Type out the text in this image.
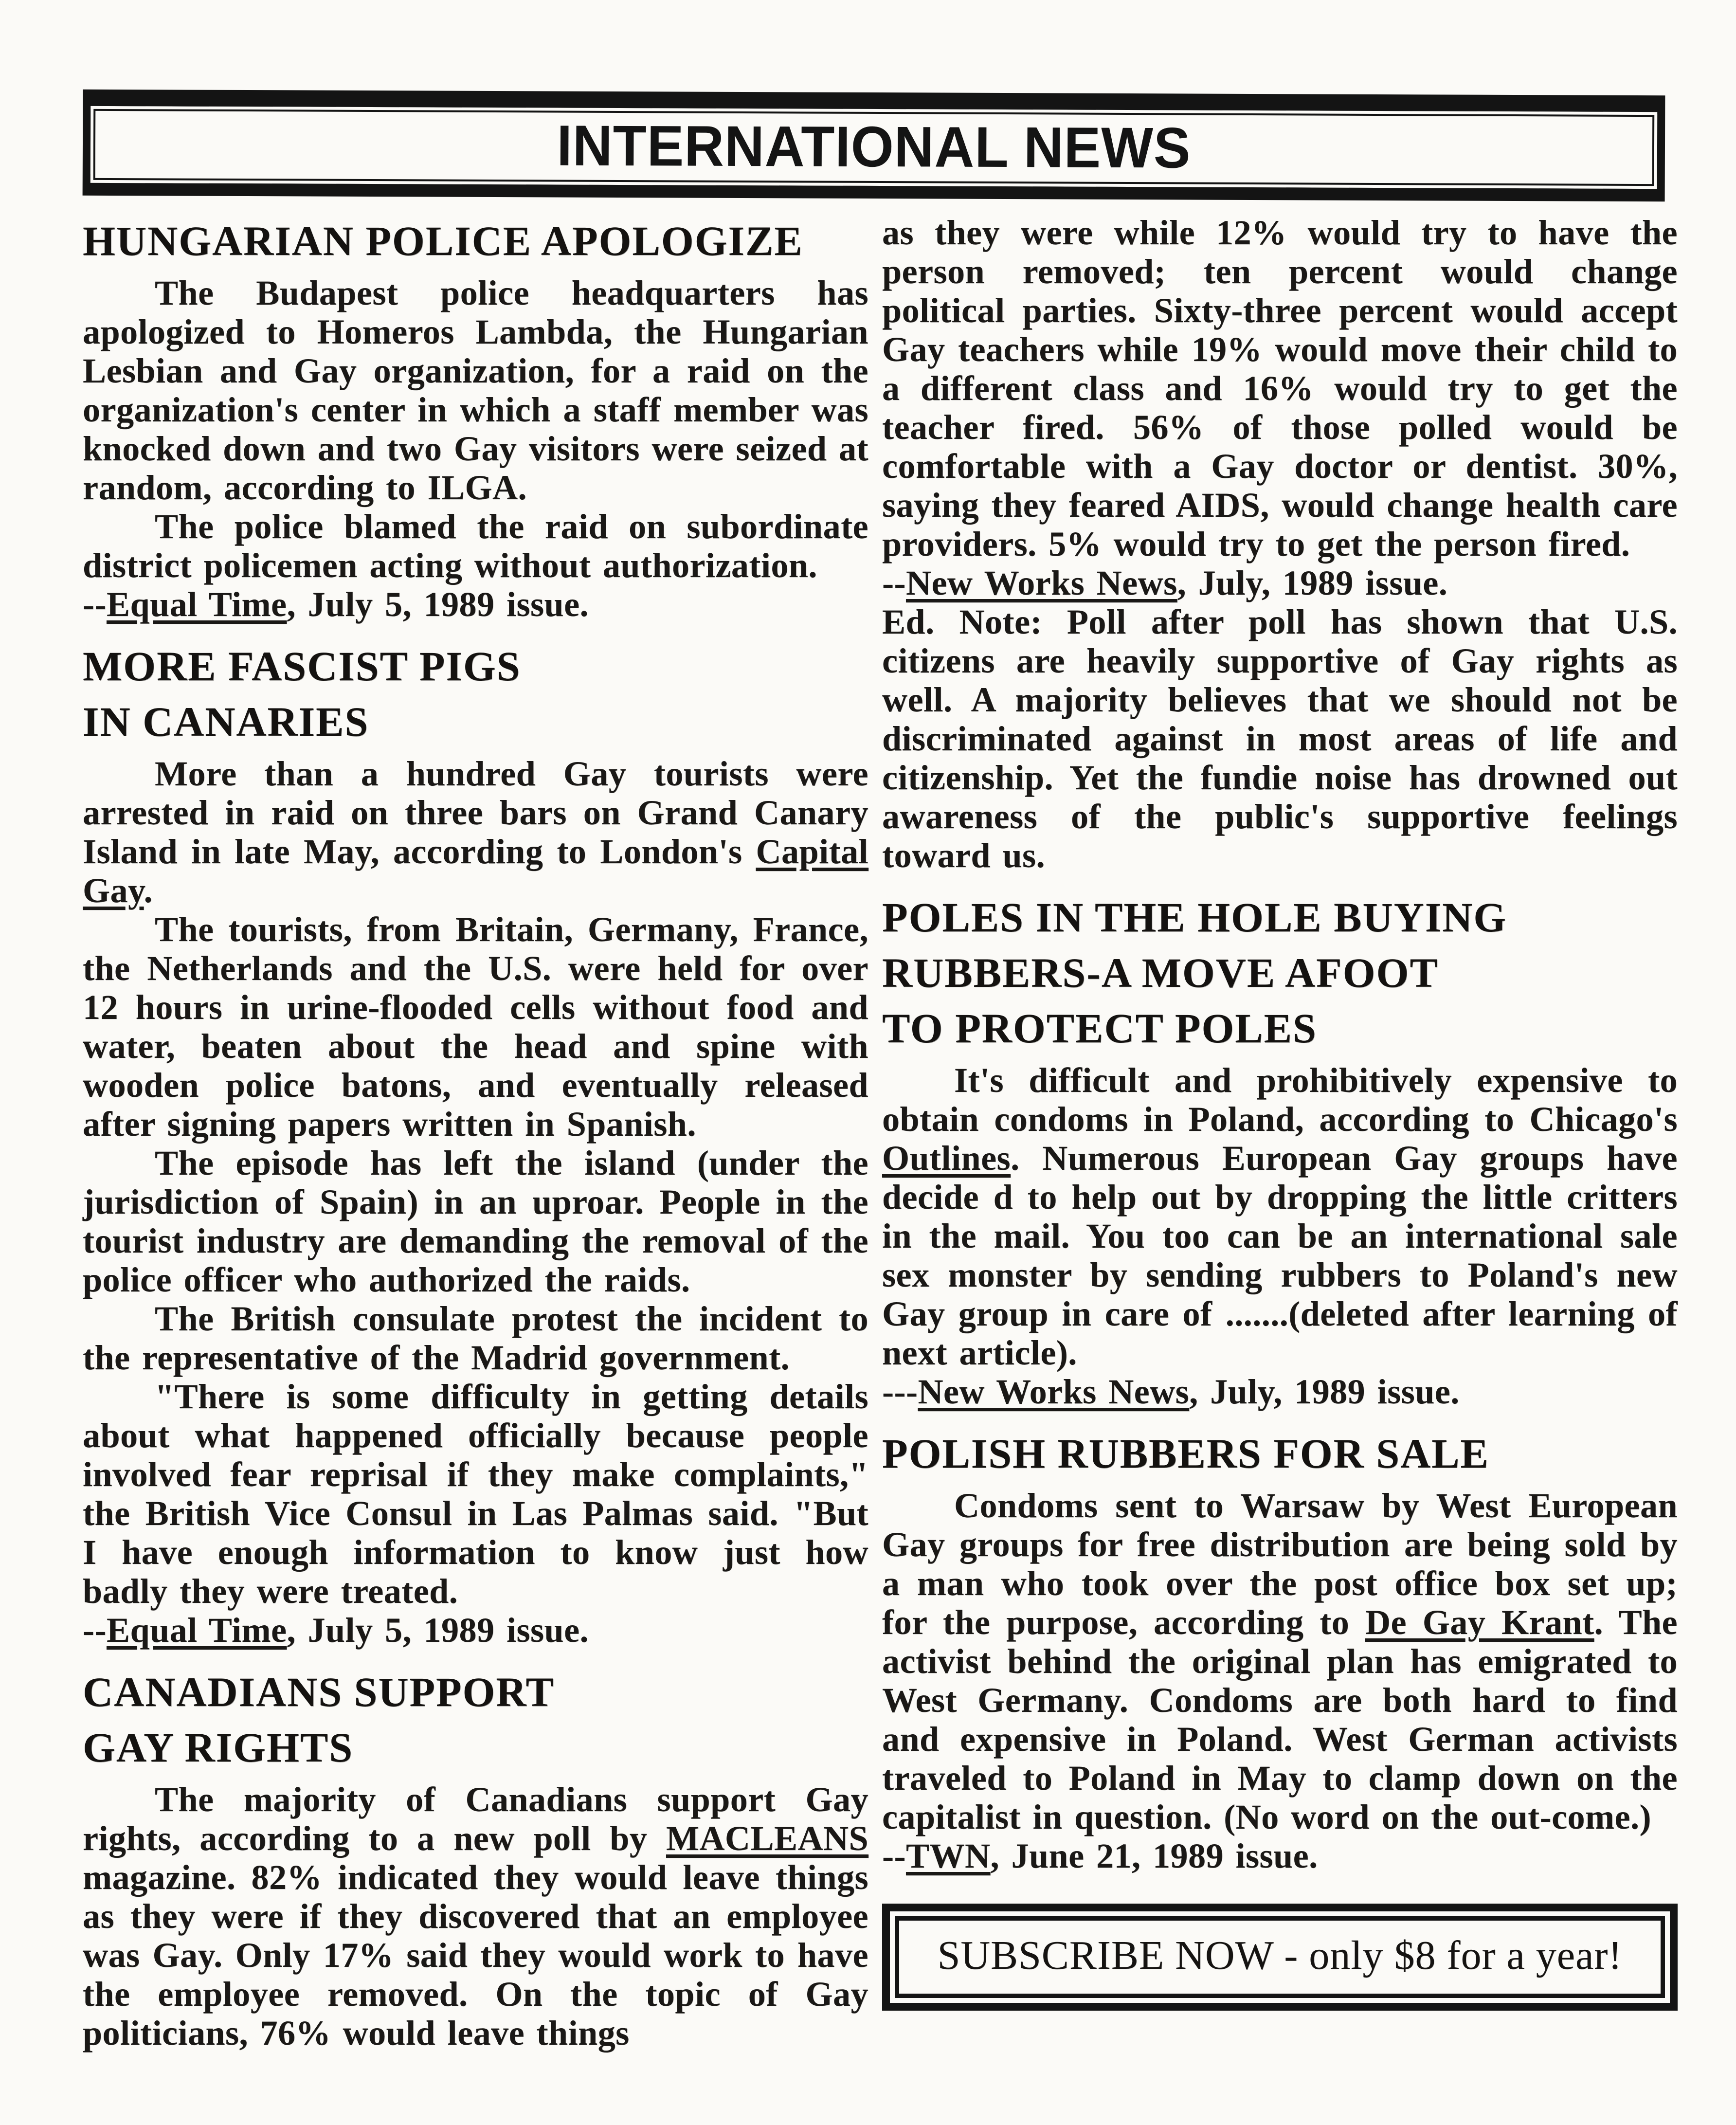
INTERNATIONAL NEWS
HUNGARIAN POLICE APOLOGIZE

The Budapest police headquarters has apologized to Homeros Lambda, the Hungarian Lesbian and Gay organization, for a raid on the organization's center in which a staff member was knocked down and two Gay visitors were seized at random, according to ILGA.

The police blamed the raid on subordinate district policemen acting without authorization.

--Equal Time, July 5, 1989 issue.

MORE FASCIST PIGS
IN CANARIES

More than a hundred Gay tourists were arrested in raid on three bars on Grand Canary Island in late May, according to London's Capital Gay.

The tourists, from Britain, Germany, France, the Netherlands and the U.S. were held for over 12 hours in urine-flooded cells without food and water, beaten about the head and spine with wooden police batons, and eventually released after signing papers written in Spanish.

The episode has left the island (under the jurisdiction of Spain) in an uproar. People in the tourist industry are demanding the removal of the police officer who authorized the raids.

The British consulate protest the incident to the representative of the Madrid government.

"There is some difficulty in getting details about what happened officially because people involved fear reprisal if they make complaints," the British Vice Consul in Las Palmas said. "But I have enough information to know just how badly they were treated.

--Equal Time, July 5, 1989 issue.

CANADIANS SUPPORT
GAY RIGHTS

The majority of Canadians support Gay rights, according to a new poll by MACLEANS magazine. 82% indicated they would leave things as they were if they discovered that an employee was Gay. Only 17% said they would work to have the employee removed. On the topic of Gay politicians, 76% would leave things

as they were while 12% would try to have the person removed; ten percent would change political parties. Sixty-three percent would accept Gay teachers while 19% would move their child to a different class and 16% would try to get the teacher fired. 56% of those polled would be comfortable with a Gay doctor or dentist. 30%, saying they feared AIDS, would change health care providers. 5% would try to get the person fired.

--New Works News, July, 1989 issue.

Ed. Note: Poll after poll has shown that U.S. citizens are heavily supportive of Gay rights as well. A majority believes that we should not be discriminated against in most areas of life and citizenship. Yet the fundie noise has drowned out awareness of the public's supportive feelings toward us.

POLES IN THE HOLE BUYING
RUBBERS-A MOVE AFOOT
TO PROTECT POLES

It's difficult and prohibitively expensive to obtain condoms in Poland, according to Chicago's Outlines. Numerous European Gay groups have decide d to help out by dropping the little critters in the mail. You too can be an international sale sex monster by sending rubbers to Poland's new Gay group in care of .......(deleted after learning of next article).

---New Works News, July, 1989 issue.

POLISH RUBBERS FOR SALE

Condoms sent to Warsaw by West European Gay groups for free distribution are being sold by a man who took over the post office box set up; for the purpose, according to De Gay Krant. The activist behind the original plan has emigrated to West Germany. Condoms are both hard to find and expensive in Poland. West German activists traveled to Poland in May to clamp down on the capitalist in question. (No word on the out-come.)

--TWN, June 21, 1989 issue.

SUBSCRIBE NOW - only $8 for a year!
